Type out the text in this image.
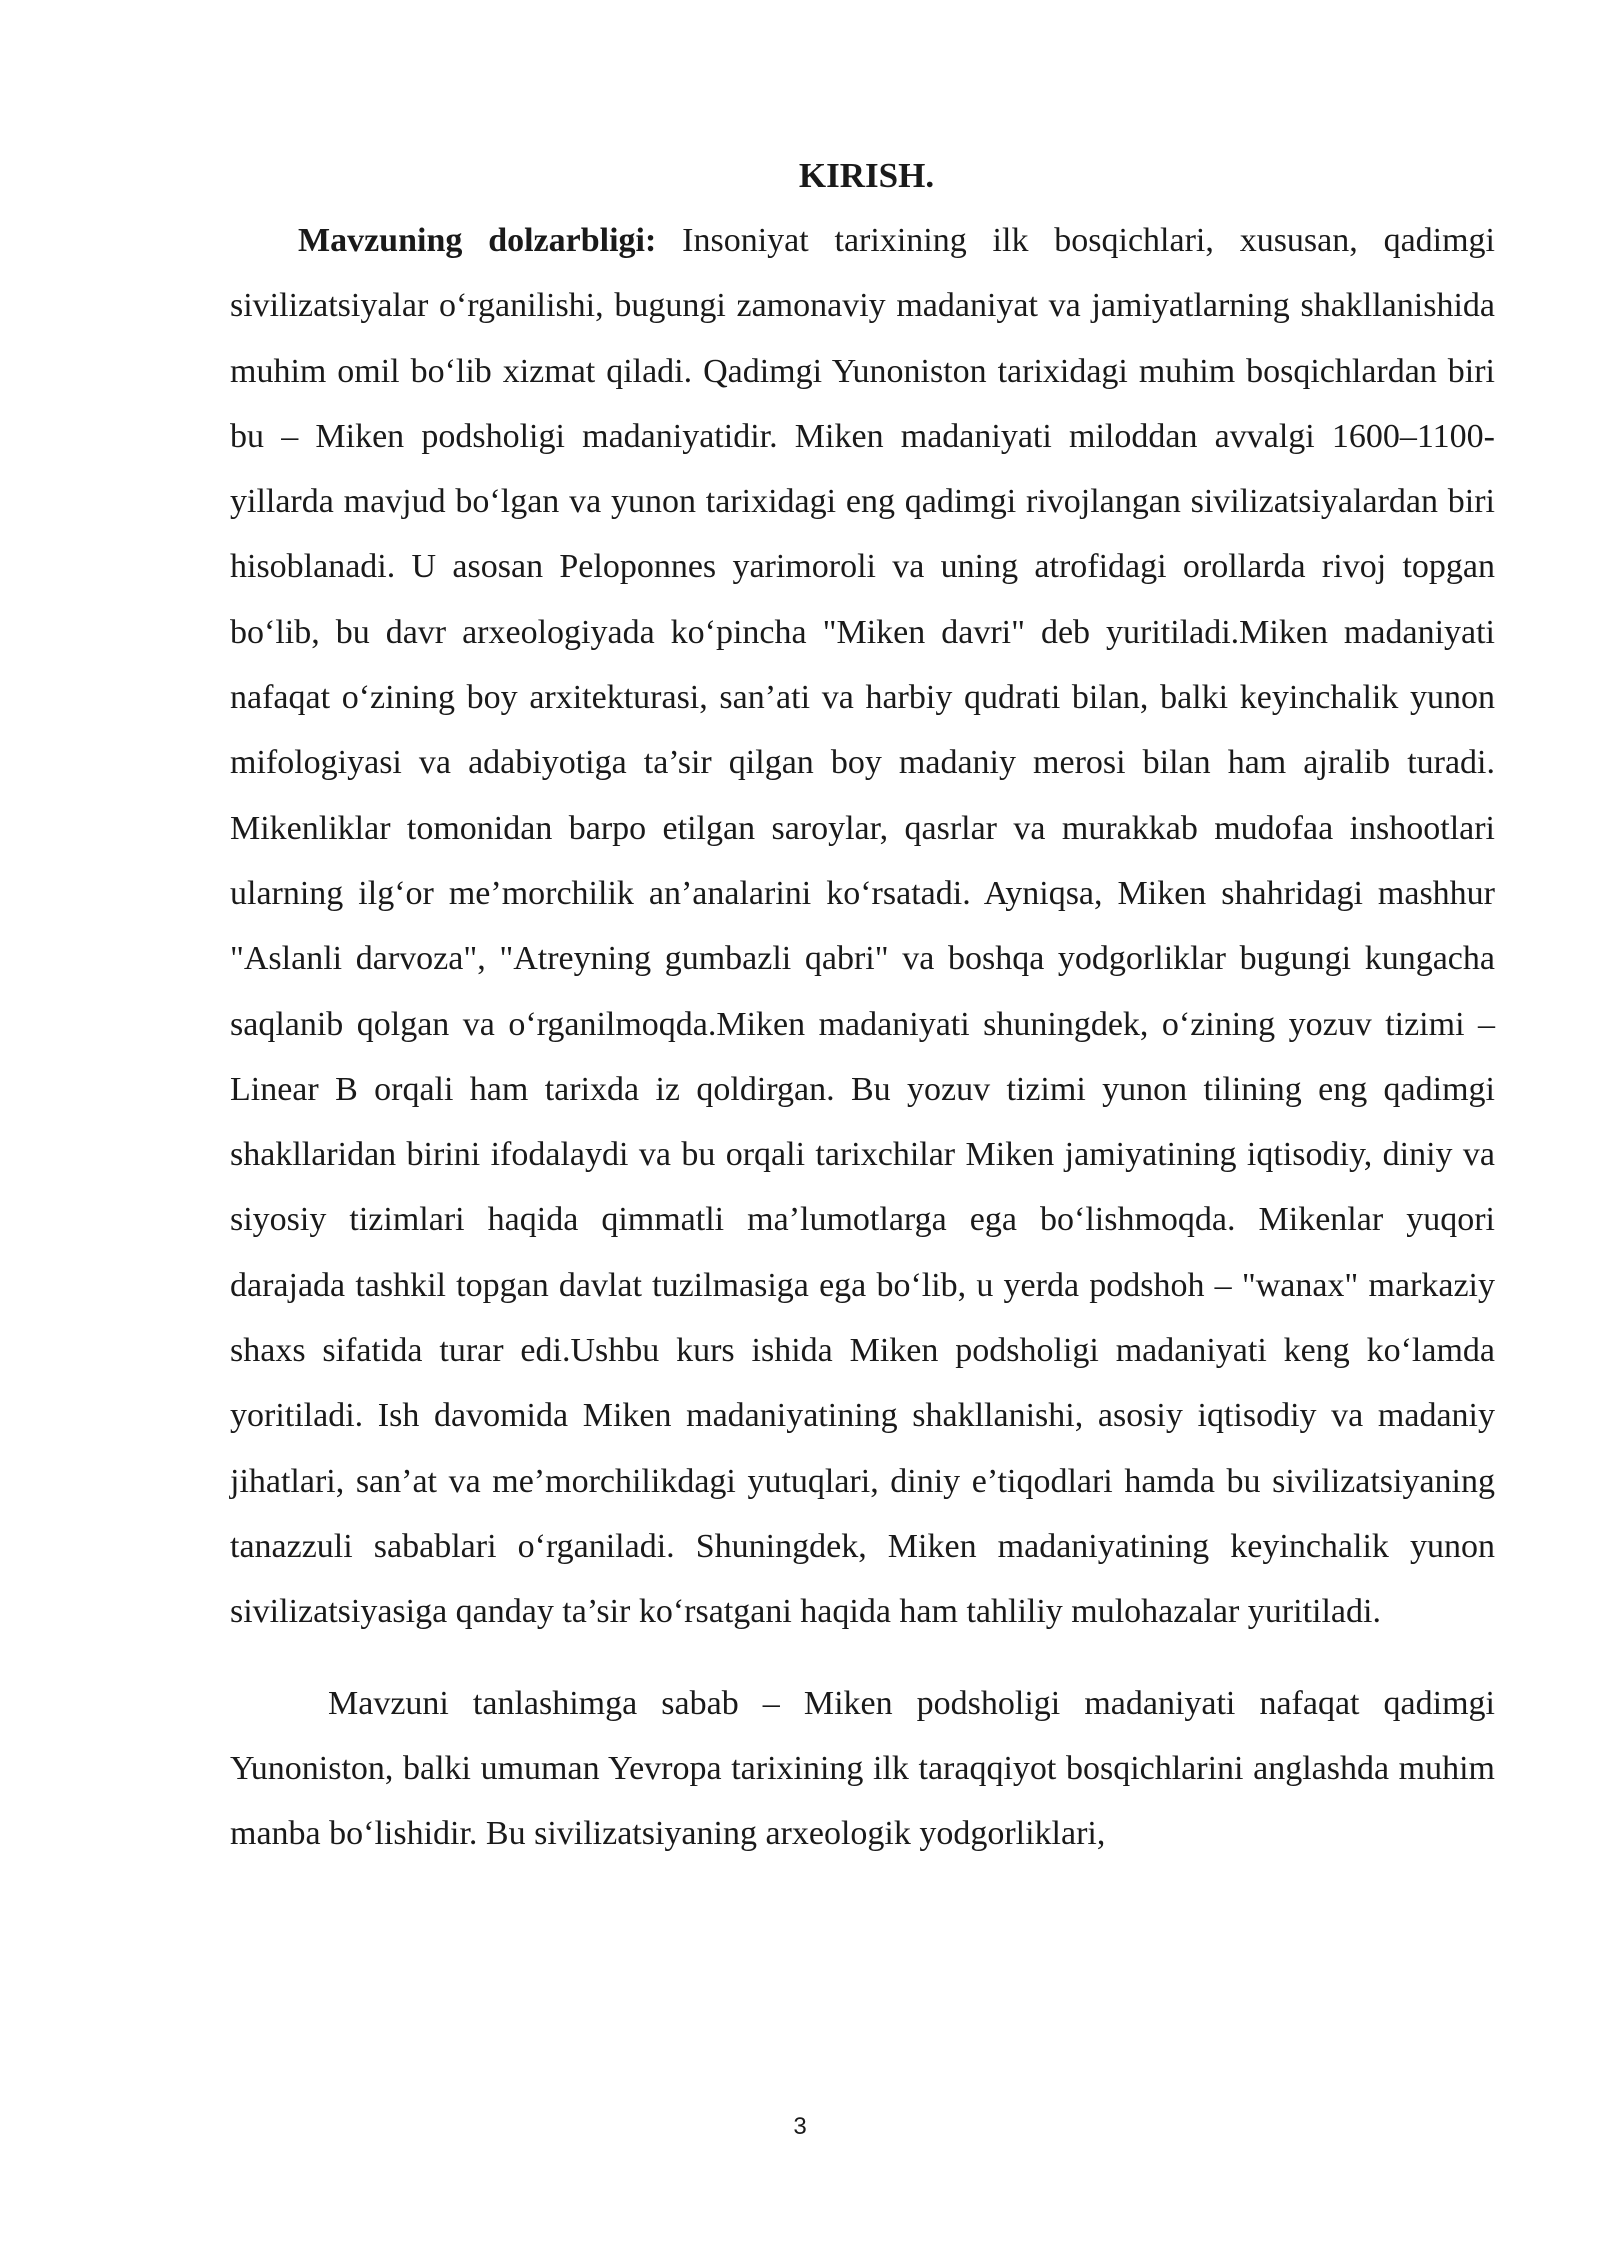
KIRISH.

Mavzuning dolzarbligi: Insoniyat tarixining ilk bosqichlari, xususan, qadimgi sivilizatsiyalar o‘rganilishi, bugungi zamonaviy madaniyat va jamiyatlarning shakllanishida muhim omil bo‘lib xizmat qiladi. Qadimgi Yunoniston tarixidagi muhim bosqichlardan biri bu – Miken podsholigi madaniyatidir. Miken madaniyati miloddan avvalgi 1600–1100-yillarda mavjud bo‘lgan va yunon tarixidagi eng qadimgi rivojlangan sivilizatsiyalardan biri hisoblanadi. U asosan Peloponnes yarimoroli va uning atrofidagi orollarda rivoj topgan bo‘lib, bu davr arxeologiyada ko‘pincha "Miken davri" deb yuritiladi.Miken madaniyati nafaqat o‘zining boy arxitekturasi, san’ati va harbiy qudrati bilan, balki keyinchalik yunon mifologiyasi va adabiyotiga ta’sir qilgan boy madaniy merosi bilan ham ajralib turadi. Mikenliklar tomonidan barpo etilgan saroylar, qasrlar va murakkab mudofaa inshootlari ularning ilg‘or me’morchilik an’analarini ko‘rsatadi. Ayniqsa, Miken shahridagi mashhur "Aslanli darvoza", "Atreyning gumbazli qabri" va boshqa yodgorliklar bugungi kungacha saqlanib qolgan va o‘rganilmoqda.Miken madaniyati shuningdek, o‘zining yozuv tizimi – Linear B orqali ham tarixda iz qoldirgan. Bu yozuv tizimi yunon tilining eng qadimgi shakllaridan birini ifodalaydi va bu orqali tarixchilar Miken jamiyatining iqtisodiy, diniy va siyosiy tizimlari haqida qimmatli ma’lumotlarga ega bo‘lishmoqda. Mikenlar yuqori darajada tashkil topgan davlat tuzilmasiga ega bo‘lib, u yerda podshoh – "wanax" markaziy shaxs sifatida turar edi.Ushbu kurs ishida Miken podsholigi madaniyati keng ko‘lamda yoritiladi. Ish davomida Miken madaniyatining shakllanishi, asosiy iqtisodiy va madaniy jihatlari, san’at va me’morchilikdagi yutuqlari, diniy e’tiqodlari hamda bu sivilizatsiyaning tanazzuli sabablari o‘rganiladi. Shuningdek, Miken madaniyatining keyinchalik yunon sivilizatsiyasiga qanday ta’sir ko‘rsatgani haqida ham tahliliy mulohazalar yuritiladi.

Mavzuni tanlashimga sabab – Miken podsholigi madaniyati nafaqat qadimgi Yunoniston, balki umuman Yevropa tarixining ilk taraqqiyot bosqichlarini anglashda muhim manba bo‘lishidir. Bu sivilizatsiyaning arxeologik yodgorliklari,

3
